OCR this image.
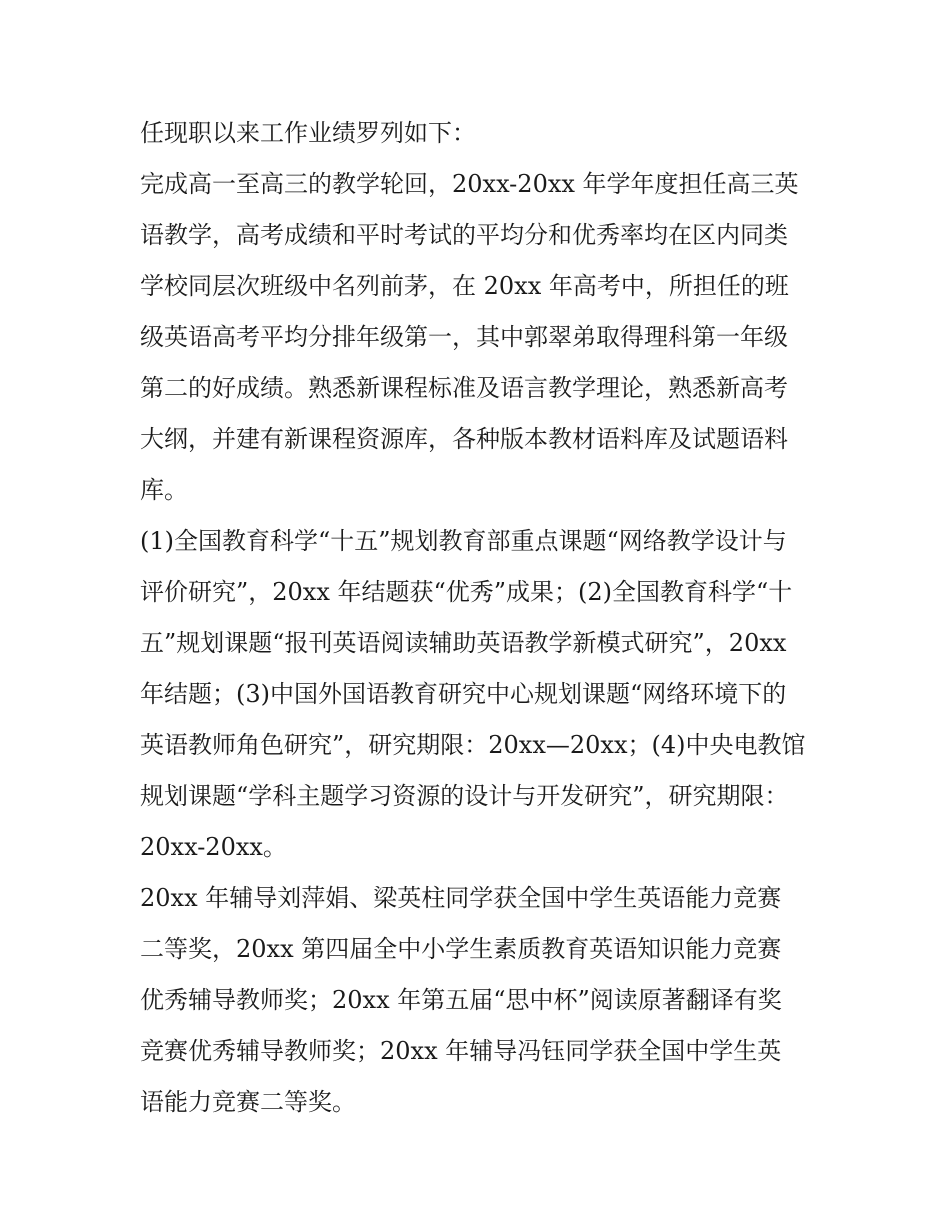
任现职以来工作业绩罗列如下：

完成高一至高三的教学轮回，20xx-20xx 年学年度担任高三英
语教学，高考成绩和平时考试的平均分和优秀率均在区内同类
学校同层次班级中名列前茅，在 20xx 年高考中，所担任的班
级英语高考平均分排年级第一，其中郭翠弟取得理科第一年级
第二的好成绩。熟悉新课程标准及语言教学理论，熟悉新高考
大纲，并建有新课程资源库，各种版本教材语料库及试题语料
库。

(1)全国教育科学“十五”规划教育部重点课题“网络教学设计与
评价研究”，20xx 年结题获“优秀”成果；(2)全国教育科学“十
五”规划课题“报刊英语阅读辅助英语教学新模式研究”，20xx
年结题；(3)中国外国语教育研究中心规划课题“网络环境下的
英语教师角色研究”，研究期限：20xx—20xx；(4)中央电教馆
规划课题“学科主题学习资源的设计与开发研究”，研究期限：
20xx-20xx。

20xx 年辅导刘萍娟、梁英柱同学获全国中学生英语能力竞赛
二等奖，20xx 第四届全中小学生素质教育英语知识能力竞赛
优秀辅导教师奖；20xx 年第五届“思中杯”阅读原著翻译有奖
竞赛优秀辅导教师奖；20xx 年辅导冯钰同学获全国中学生英
语能力竞赛二等奖。
